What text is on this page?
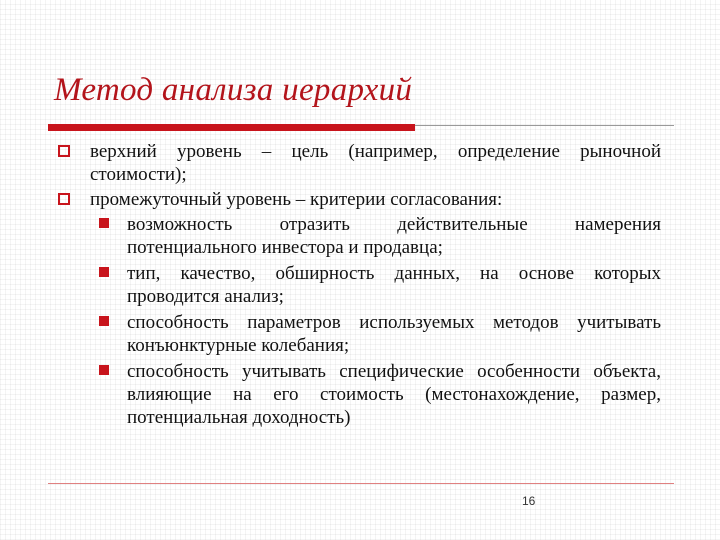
Метод анализа иерархий
верхний уровень – цель (например, определение рыночной стоимости);
промежуточный уровень – критерии согласования:
возможность отразить действительные намерения потенциального инвестора и продавца;
тип, качество, обширность данных, на основе которых проводится анализ;
способность параметров используемых методов учитывать конъюнктурные колебания;
способность учитывать специфические особенности объекта, влияющие на его стоимость (местонахождение, размер, потенциальная доходность)
16
